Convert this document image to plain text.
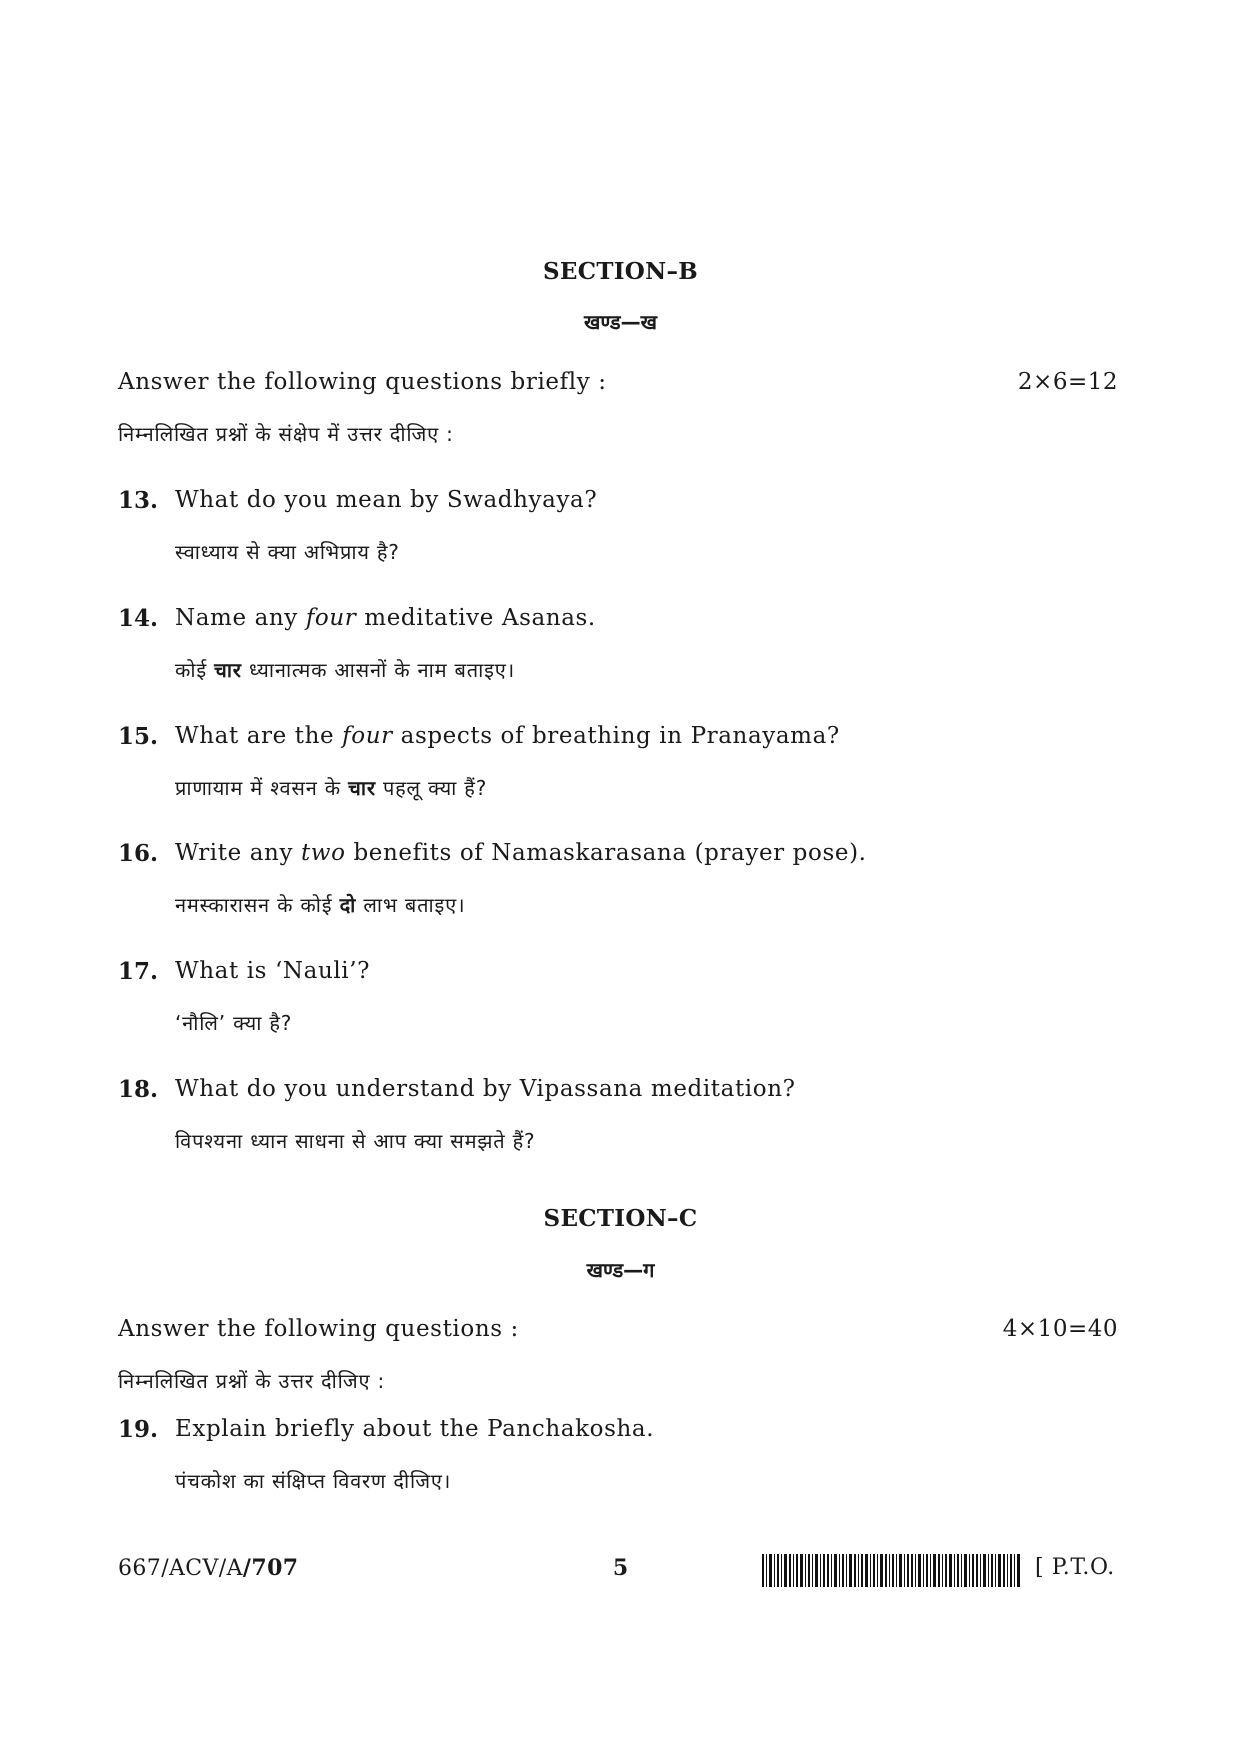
SECTION–B
खण्ड—ख
Answer the following questions briefly :	2×6=12
निम्नलिखित प्रश्नों के संक्षेप में उत्तर दीजिए :
13. What do you mean by Swadhyaya?
स्वाध्याय से क्या अभिप्राय है?
14. Name any four meditative Asanas.
कोई चार ध्यानात्मक आसनों के नाम बताइए।
15. What are the four aspects of breathing in Pranayama?
प्राणायाम में श्वसन के चार पहलू क्या हैं?
16. Write any two benefits of Namaskarasana (prayer pose).
नमस्कारासन के कोई दो लाभ बताइए।
17. What is ‘Nauli’?
‘नौलि’ क्या है?
18. What do you understand by Vipassana meditation?
विपश्यना ध्यान साधना से आप क्या समझते हैं?
SECTION–C
खण्ड—ग
Answer the following questions :	4×10=40
निम्नलिखित प्रश्नों के उत्तर दीजिए :
19. Explain briefly about the Panchakosha.
पंचकोश का संक्षिप्त विवरण दीजिए।
667/ACV/A/707	5	[ P.T.O.
